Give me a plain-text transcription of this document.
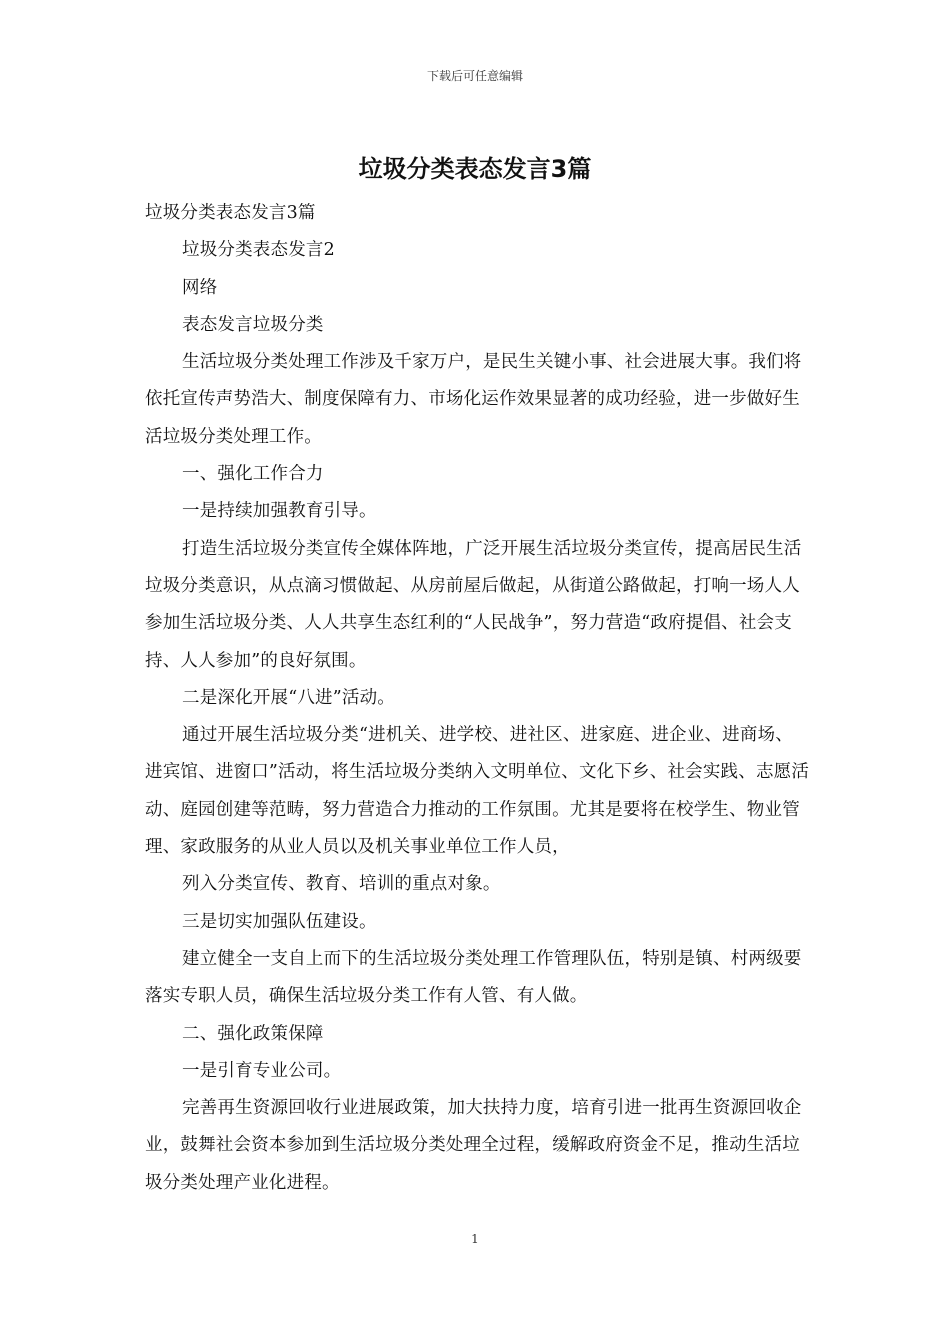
下载后可任意编辑
垃圾分类表态发言3篇

垃圾分类表态发言3篇

垃圾分类表态发言2

网络

表态发言垃圾分类

生活垃圾分类处理工作涉及千家万户，是民生关键小事、社会进展大事。我们将依托宣传声势浩大、制度保障有力、市场化运作效果显著的成功经验，进一步做好生活垃圾分类处理工作。

一、强化工作合力

一是持续加强教育引导。

打造生活垃圾分类宣传全媒体阵地，广泛开展生活垃圾分类宣传，提高居民生活垃圾分类意识，从点滴习惯做起、从房前屋后做起，从街道公路做起，打响一场人人参加生活垃圾分类、人人共享生态红利的“人民战争”，努力营造“政府提倡、社会支持、人人参加”的良好氛围。

二是深化开展“八进”活动。

通过开展生活垃圾分类“进机关、进学校、进社区、进家庭、进企业、进商场、进宾馆、进窗口”活动，将生活垃圾分类纳入文明单位、文化下乡、社会实践、志愿活动、庭园创建等范畴，努力营造合力推动的工作氛围。尤其是要将在校学生、物业管理、家政服务的从业人员以及机关事业单位工作人员，

列入分类宣传、教育、培训的重点对象。

三是切实加强队伍建设。

建立健全一支自上而下的生活垃圾分类处理工作管理队伍，特别是镇、村两级要落实专职人员，确保生活垃圾分类工作有人管、有人做。

二、强化政策保障

一是引育专业公司。

完善再生资源回收行业进展政策，加大扶持力度，培育引进一批再生资源回收企业，鼓舞社会资本参加到生活垃圾分类处理全过程，缓解政府资金不足，推动生活垃圾分类处理产业化进程。

1
